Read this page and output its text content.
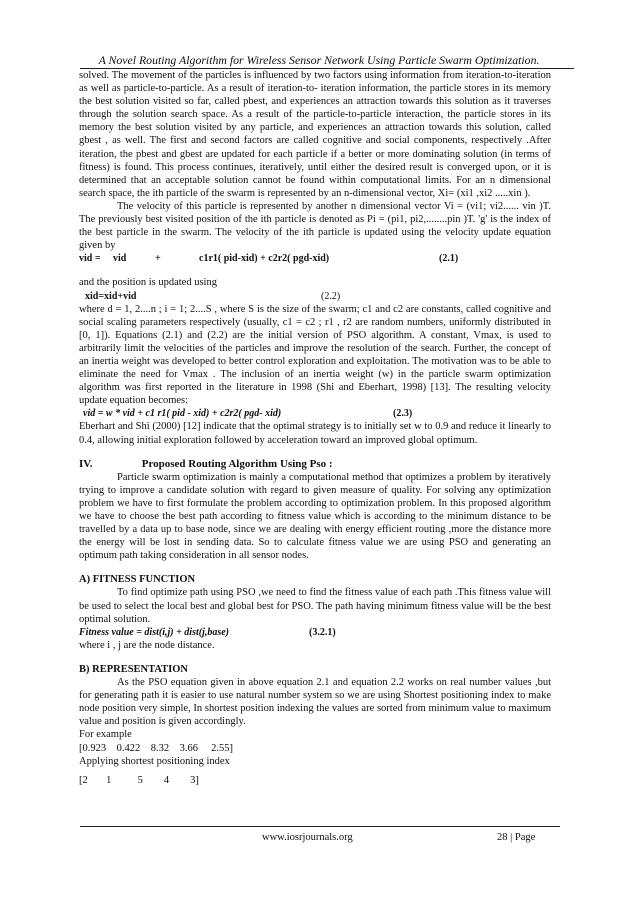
A Novel Routing Algorithm for Wireless Sensor Network Using Particle Swarm Optimization.

solved. The movement of the particles is influenced by two factors using information from iteration-to-iteration as well as particle-to-particle. As a result of iteration-to- iteration information, the particle stores in its memory the best solution visited so far, called pbest, and experiences an attraction towards this solution as it traverses through the solution search space. As a result of the particle-to-particle interaction, the particle stores in its memory the best solution visited by any particle, and experiences an attraction towards this solution, called gbest , as well. The first and second factors are called cognitive and social components, respectively .After iteration, the pbest and gbest are updated for each particle if a better or more dominating solution (in terms of fitness) is found. This process continues, iteratively, until either the desired result is converged upon, or it is determined that an acceptable solution cannot be found within computational limits. For an n dimensional search space, the ith particle of the swarm is represented by an n-dimensional vector, Xi= (xi1 ,xi2 .....xin ).

The velocity of this particle is represented by another n dimensional vector Vi = (vi1; vi2...... vin )T. The previously best visited position of the ith particle is denoted as Pi = (pi1, pi2,........pin )T. 'g' is the index of the best particle in the swarm. The velocity of the ith particle is updated using the velocity update equation given by

vid =	vid	+	c1r1( pid-xid) + c2r2( pgd-xid)	(2.1)

and the position is updated using

xid=xid+vid	(2.2)

where d = 1, 2....n ; i = 1; 2....S , where S is the size of the swarm; c1 and c2 are constants, called cognitive and social scaling parameters respectively (usually, c1 = c2 ; r1 , r2 are random numbers, uniformly distributed in [0, 1]). Equations (2.1) and (2.2) are the initial version of PSO algorithm. A constant, Vmax, is used to arbitrarily limit the velocities of the particles and improve the resolution of the search. Further, the concept of an inertia weight was developed to better control exploration and exploitation. The motivation was to be able to eliminate the need for Vmax . The inclusion of an inertia weight (w) in the particle swarm optimization algorithm was first reported in the literature in 1998 (Shi and Eberhart, 1998) [13]. The resulting velocity update equation becomes:

vid = w * vid + c1 r1( pid - xid) + c2r2( pgd- xid)	(2.3)

Eberhart and Shi (2000) [12] indicate that the optimal strategy is to initially set w to 0.9 and reduce it linearly to 0.4, allowing initial exploration followed by acceleration toward an improved global optimum.

IV.	Proposed Routing Algorithm Using Pso :

Particle swarm optimization is mainly a computational method that optimizes a problem by iteratively trying to improve a candidate solution with regard to given measure of quality. For solving any optimization problem we have to first formulate the problem according to optimization problem. In this proposed algorithm we have to choose the best path according to fitness value which is according to the minimum distance to be travelled by a data up to base node, since we are dealing with energy efficient routing ,more the distance more the energy will be lost in sending data. So to calculate fitness value we are using PSO and generating an optimum path taking consideration in all sensor nodes.

A) FITNESS FUNCTION

To find optimize path using PSO ,we need to find the fitness value of each path .This fitness value will be used to select the local best and global best for PSO. The path having minimum fitness value will be the best optimal solution.

Fitness value = dist(i,j) + dist(j,base)	(3.2.1)

where i , j are the node distance.

B) REPRESENTATION

As the PSO equation given in above equation 2.1 and equation 2.2 works on real number values ,but for generating path it is easier to use natural number system so we are using Shortest positioning index to make node position very simple, In shortest position indexing the values are sorted from minimum value to maximum value and position is given accordingly.

For example

[0.923    0.422    8.32    3.66     2.55]

Applying shortest positioning index

[2       1          5        4        3]

www.iosrjournals.org	28 | Page
